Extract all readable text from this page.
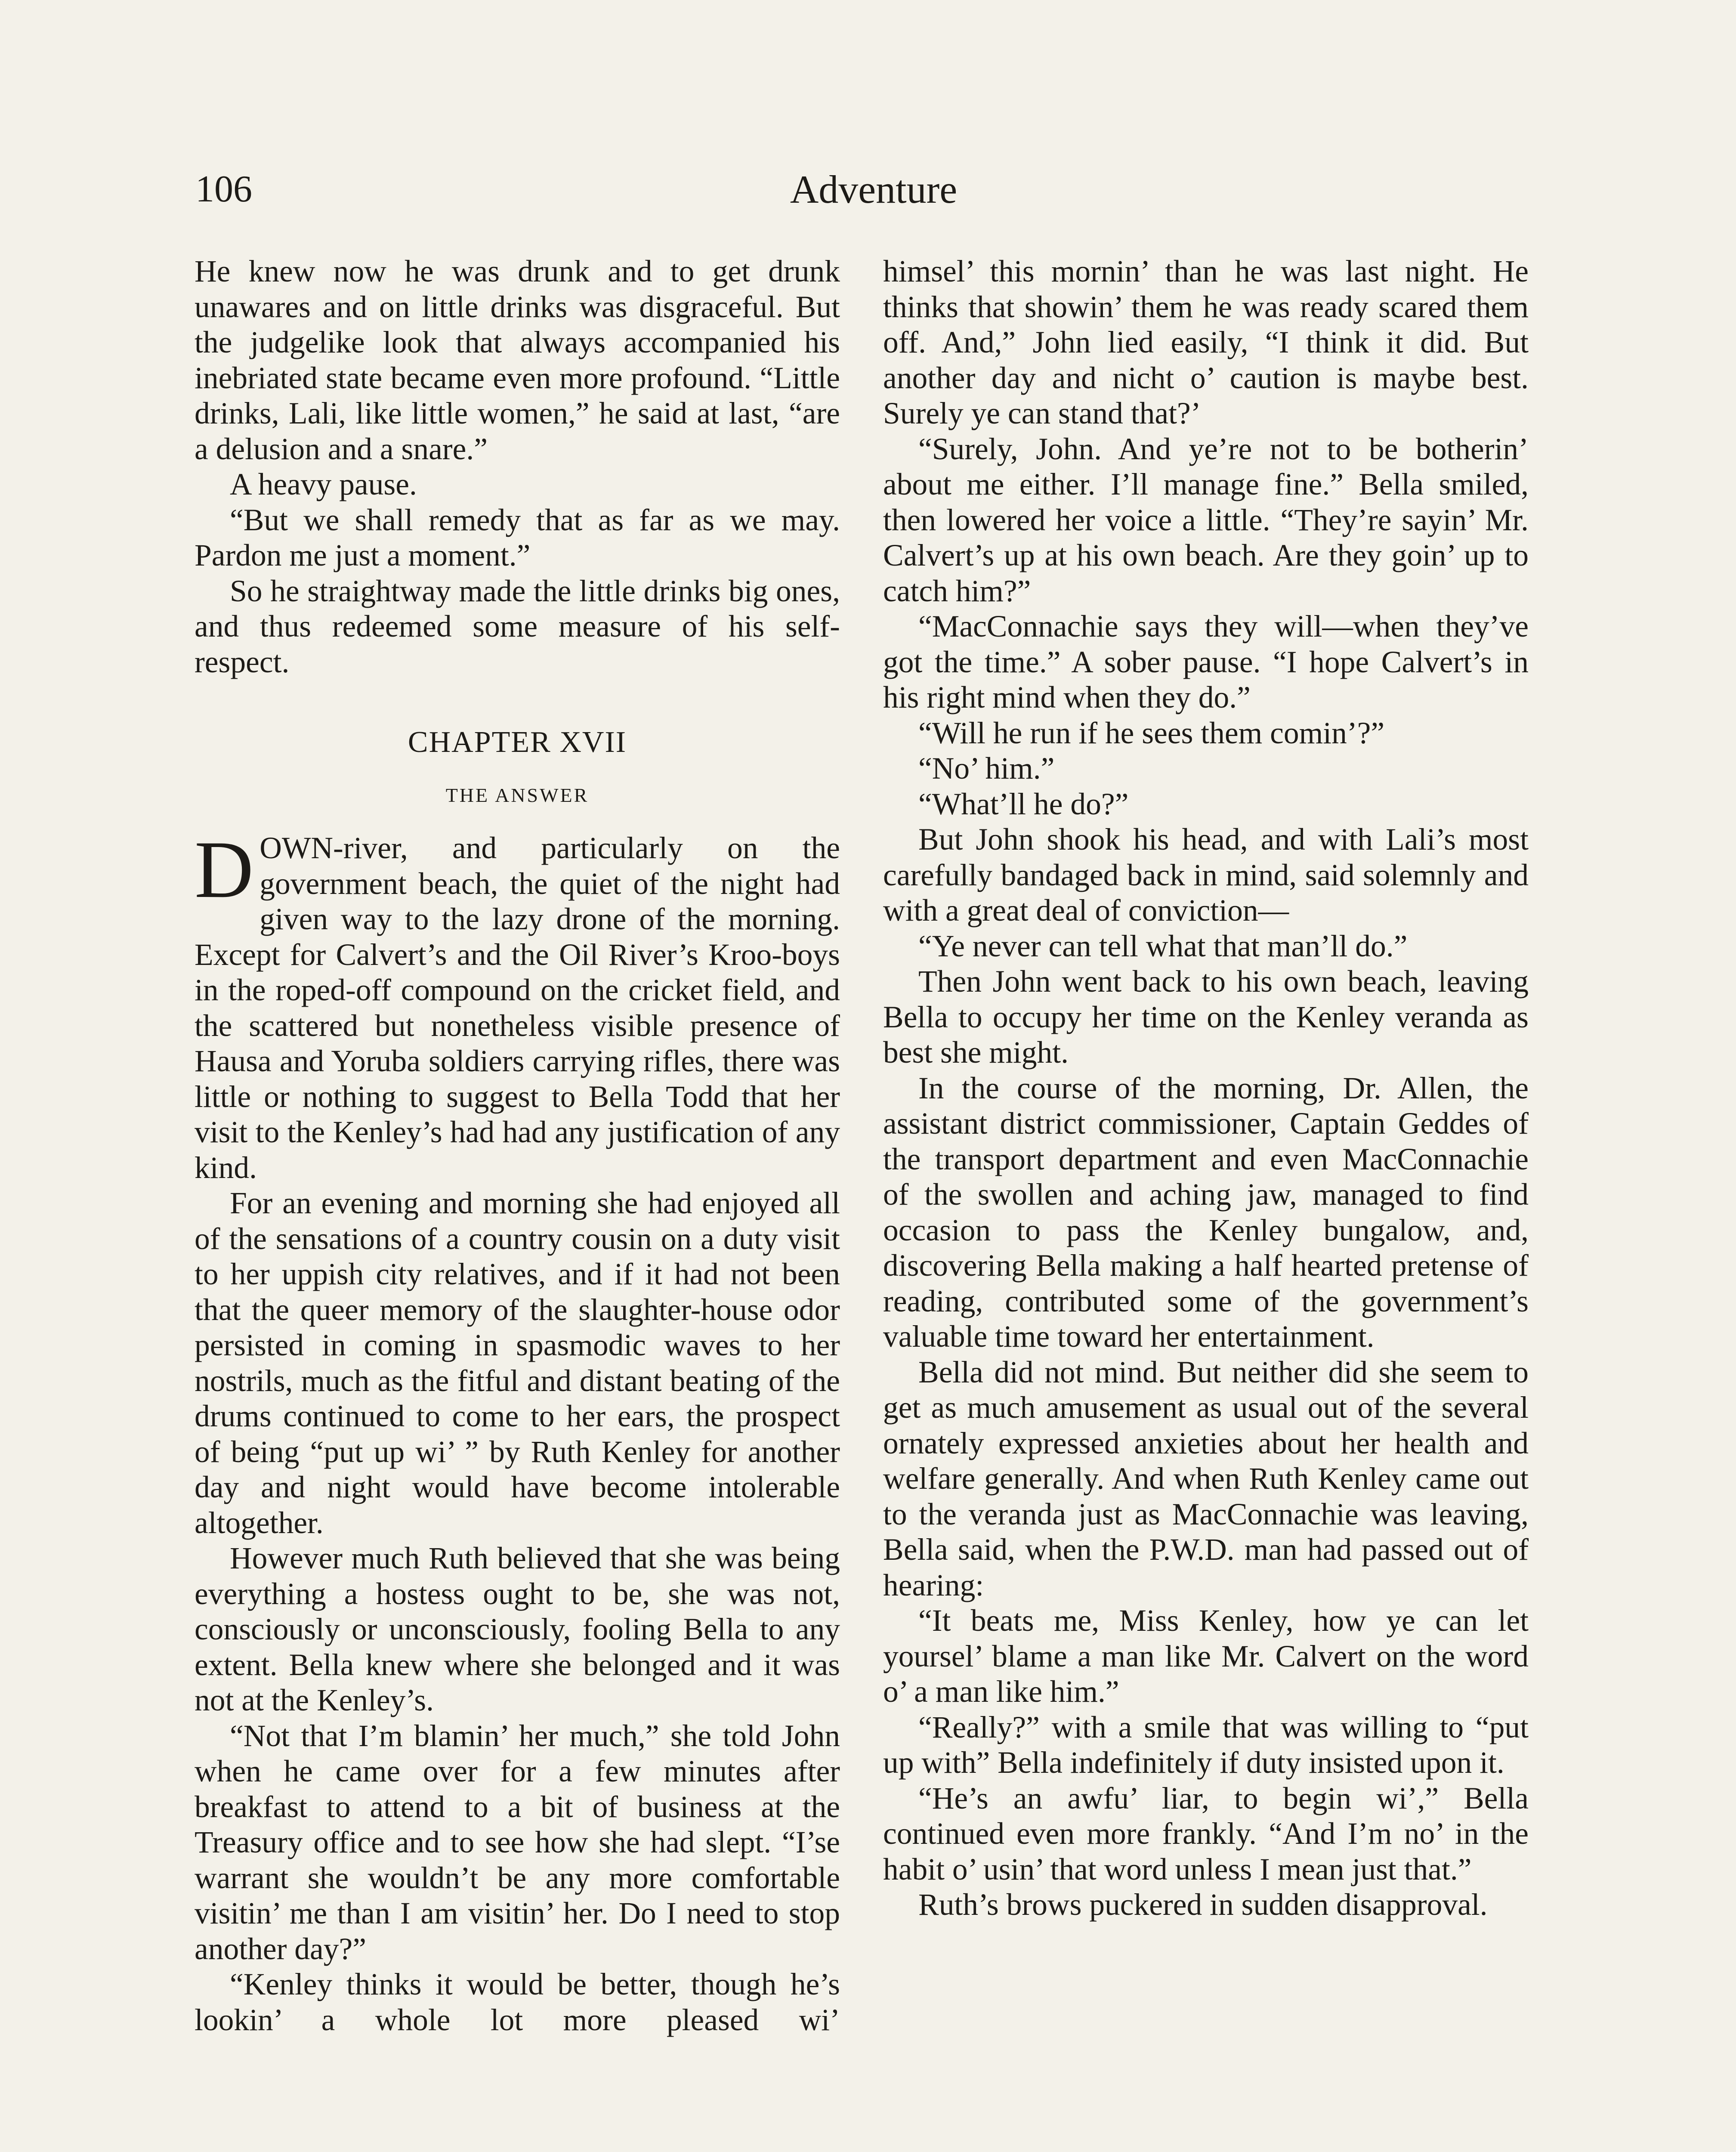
106	Adventure

He knew now he was drunk and to get drunk unawares and on little drinks was disgraceful. But the judgelike look that always accompanied his inebriated state became even more profound. “Little drinks, Lali, like little women,” he said at last, “are a delusion and a snare.”

A heavy pause.

“But we shall remedy that as far as we may. Pardon me just a moment.”

So he straightway made the little drinks big ones, and thus redeemed some measure of his self-respect.

CHAPTER XVII
THE ANSWER

DOWN-river, and particularly on the government beach, the quiet of the night had given way to the lazy drone of the morning. Except for Calvert’s and the Oil River’s Kroo-boys in the roped-off compound on the cricket field, and the scattered but nonetheless visible presence of Hausa and Yoruba soldiers carrying rifles, there was little or nothing to suggest to Bella Todd that her visit to the Kenley’s had had any justification of any kind.

For an evening and morning she had enjoyed all of the sensations of a country cousin on a duty visit to her uppish city relatives, and if it had not been that the queer memory of the slaughter-house odor persisted in coming in spasmodic waves to her nostrils, much as the fitful and distant beating of the drums continued to come to her ears, the prospect of being “put up wi’ ” by Ruth Kenley for another day and night would have become intolerable altogether.

However much Ruth believed that she was being everything a hostess ought to be, she was not, consciously or unconsciously, fooling Bella to any extent. Bella knew where she belonged and it was not at the Kenley’s.

“Not that I’m blamin’ her much,” she told John when he came over for a few minutes after breakfast to attend to a bit of business at the Treasury office and to see how she had slept. “I’se warrant she wouldn’t be any more comfortable visitin’ me than I am visitin’ her. Do I need to stop another day?”

“Kenley thinks it would be better, though he’s lookin’ a whole lot more pleased wi’

himsel’ this mornin’ than he was last night. He thinks that showin’ them he was ready scared them off. And,” John lied easily, “I think it did. But another day and nicht o’ caution is maybe best. Surely ye can stand that?’

“Surely, John. And ye’re not to be botherin’ about me either. I’ll manage fine.” Bella smiled, then lowered her voice a little. “They’re sayin’ Mr. Calvert’s up at his own beach. Are they goin’ up to catch him?”

“MacConnachie says they will—when they’ve got the time.” A sober pause. “I hope Calvert’s in his right mind when they do.”

“Will he run if he sees them comin’?”

“No’ him.”

“What’ll he do?”

But John shook his head, and with Lali’s most carefully bandaged back in mind, said solemnly and with a great deal of conviction—

“Ye never can tell what that man’ll do.”

Then John went back to his own beach, leaving Bella to occupy her time on the Kenley veranda as best she might.

In the course of the morning, Dr. Allen, the assistant district commissioner, Captain Geddes of the transport department and even MacConnachie of the swollen and aching jaw, managed to find occasion to pass the Kenley bungalow, and, discovering Bella making a half hearted pretense of reading, contributed some of the government’s valuable time toward her entertainment.

Bella did not mind. But neither did she seem to get as much amusement as usual out of the several ornately expressed anxieties about her health and welfare generally. And when Ruth Kenley came out to the veranda just as MacConnachie was leaving, Bella said, when the P.W.D. man had passed out of hearing:

“It beats me, Miss Kenley, how ye can let yoursel’ blame a man like Mr. Calvert on the word o’ a man like him.”

“Really?” with a smile that was willing to “put up with” Bella indefinitely if duty insisted upon it.

“He’s an awfu’ liar, to begin wi’,” Bella continued even more frankly. “And I’m no’ in the habit o’ usin’ that word unless I mean just that.”

Ruth’s brows puckered in sudden disapproval.
